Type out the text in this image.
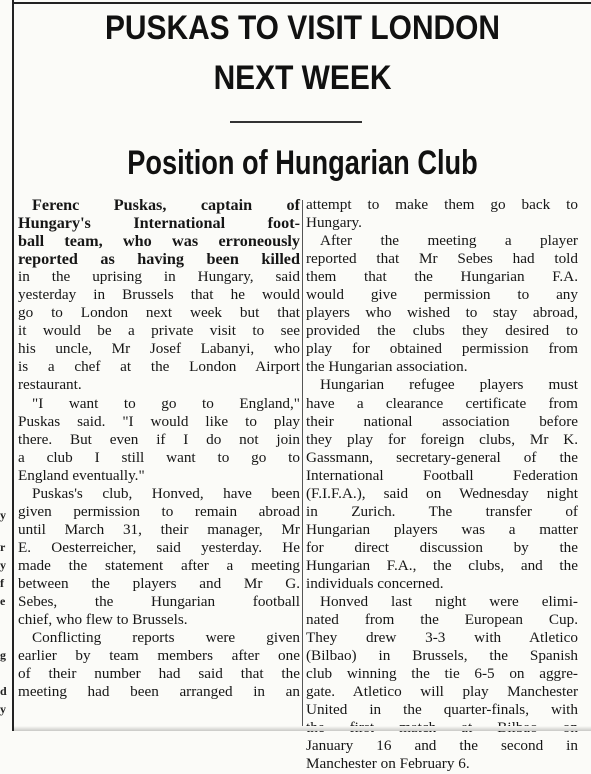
y
r
y
f
e
g
d
y
PUSKAS TO VISIT LONDON
NEXT WEEK
Position of Hungarian Club
Ferenc Puskas, captain of
Hungary's International foot-
ball team, who was erroneously
reported as having been killed
in the uprising in Hungary, said
yesterday in Brussels that he would
go to London next week but that
it would be a private visit to see
his uncle, Mr Josef Labanyi, who
is a chef at the London Airport
restaurant.
"I want to go to England,"
Puskas said. "I would like to play
there. But even if I do not join
a club I still want to go to
England eventually."
Puskas's club, Honved, have been
given permission to remain abroad
until March 31, their manager, Mr
E. Oesterreicher, said yesterday. He
made the statement after a meeting
between the players and Mr G.
Sebes, the Hungarian football
chief, who flew to Brussels.
Conflicting reports were given
earlier by team members after one
of their number had said that the
meeting had been arranged in an
attempt to make them go back to
Hungary.
After the meeting a player
reported that Mr Sebes had told
them that the Hungarian F.A.
would give permission to any
players who wished to stay abroad,
provided the clubs they desired to
play for obtained permission from
the Hungarian association.
Hungarian refugee players must
have a clearance certificate from
their national association before
they play for foreign clubs, Mr K.
Gassmann, secretary-general of the
International Football Federation
(F.I.F.A.), said on Wednesday night
in Zurich. The transfer of
Hungarian players was a matter
for direct discussion by the
Hungarian F.A., the clubs, and the
individuals concerned.
Honved last night were elimi-
nated from the European Cup.
They drew 3-3 with Atletico
(Bilbao) in Brussels, the Spanish
club winning the tie 6-5 on aggre-
gate. Atletico will play Manchester
United in the quarter-finals, with
January 16 and the second in
Manchester on February 6.
